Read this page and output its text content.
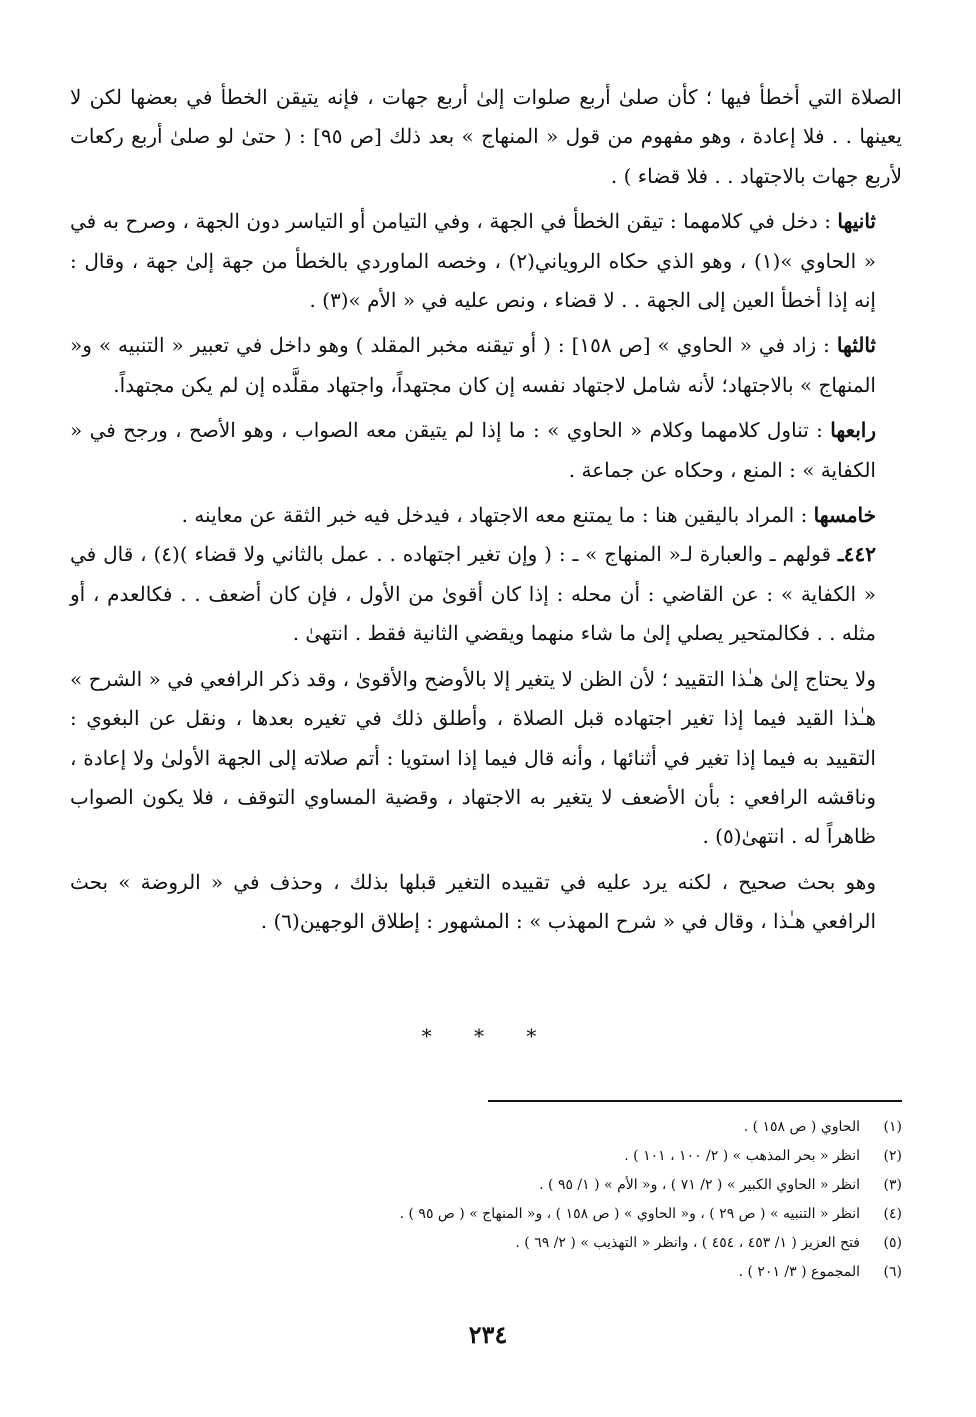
الصلاة التي أخطأ فيها ؛ كأن صلىٰ أربع صلوات إلىٰ أربع جهات ، فإنه يتيقن الخطأ في بعضها لكن لا يعينها . . فلا إعادة ، وهو مفهوم من قول « المنهاج » بعد ذلك [ص ٩٥] : ( حتىٰ لو صلىٰ أربع ركعات لأربع جهات بالاجتهاد . . فلا قضاء ) .

ثانيها : دخل في كلامهما : تيقن الخطأ في الجهة ، وفي التيامن أو التياسر دون الجهة ، وصرح به في « الحاوي »(١) ، وهو الذي حكاه الروياني(٢) ، وخصه الماوردي بالخطأ من جهة إلىٰ جهة ، وقال : إنه إذا أخطأ العين إلى الجهة . . لا قضاء ، ونص عليه في « الأم »(٣) .

ثالثها : زاد في « الحاوي » [ص ١٥٨] : ( أو تيقنه مخبر المقلد ) وهو داخل في تعبير « التنبيه » و« المنهاج » بالاجتهاد؛ لأنه شامل لاجتهاد نفسه إن كان مجتهداً، واجتهاد مقلَّده إن لم يكن مجتهداً.

رابعها : تناول كلامهما وكلام « الحاوي » : ما إذا لم يتيقن معه الصواب ، وهو الأصح ، ورجح في « الكفاية » : المنع ، وحكاه عن جماعة .

خامسها : المراد باليقين هنا : ما يمتنع معه الاجتهاد ، فيدخل فيه خبر الثقة عن معاينه .

٤٤٢ـ قولهم ـ والعبارة لـ« المنهاج » ـ : ( وإن تغير اجتهاده . . عمل بالثاني ولا قضاء )(٤) ، قال في « الكفاية » : عن القاضي : أن محله : إذا كان أقوىٰ من الأول ، فإن كان أضعف . . فكالعدم ، أو مثله . . فكالمتحير يصلي إلىٰ ما شاء منهما ويقضي الثانية فقط . انتهىٰ .

ولا يحتاج إلىٰ هـٰذا التقييد ؛ لأن الظن لا يتغير إلا بالأوضح والأقوىٰ ، وقد ذكر الرافعي في « الشرح » هـٰذا القيد فيما إذا تغير اجتهاده قبل الصلاة ، وأطلق ذلك في تغيره بعدها ، ونقل عن البغوي : التقييد به فيما إذا تغير في أثنائها ، وأنه قال فيما إذا استويا : أتم صلاته إلى الجهة الأولىٰ ولا إعادة ، وناقشه الرافعي : بأن الأضعف لا يتغير به الاجتهاد ، وقضية المساوي التوقف ، فلا يكون الصواب ظاهراً له . انتهىٰ(٥) .

وهو بحث صحيح ، لكنه يرد عليه في تقييده التغير قبلها بذلك ، وحذف في « الروضة » بحث الرافعي هـٰذا ، وقال في « شرح المهذب » : المشهور : إطلاق الوجهين(٦) .

* * *
(١)
الحاوي ( ص ١٥٨ ) .
(٢)
انظر « بحر المذهب » ( ٢/ ١٠٠ ، ١٠١ ) .
(٣)
انظر « الحاوي الكبير » ( ٢/ ٧١ ) ، و« الأم » ( ١/ ٩٥ ) .
(٤)
انظر « التنبيه » ( ص ٢٩ ) ، و« الحاوي » ( ص ١٥٨ ) ، و« المنهاج » ( ص ٩٥ ) .
(٥)
فتح العزيز ( ١/ ٤٥٣ ، ٤٥٤ ) ، وانظر « التهذيب » ( ٢/ ٦٩ ) .
(٦)
المجموع ( ٣/ ٢٠١ ) .
٢٣٤
